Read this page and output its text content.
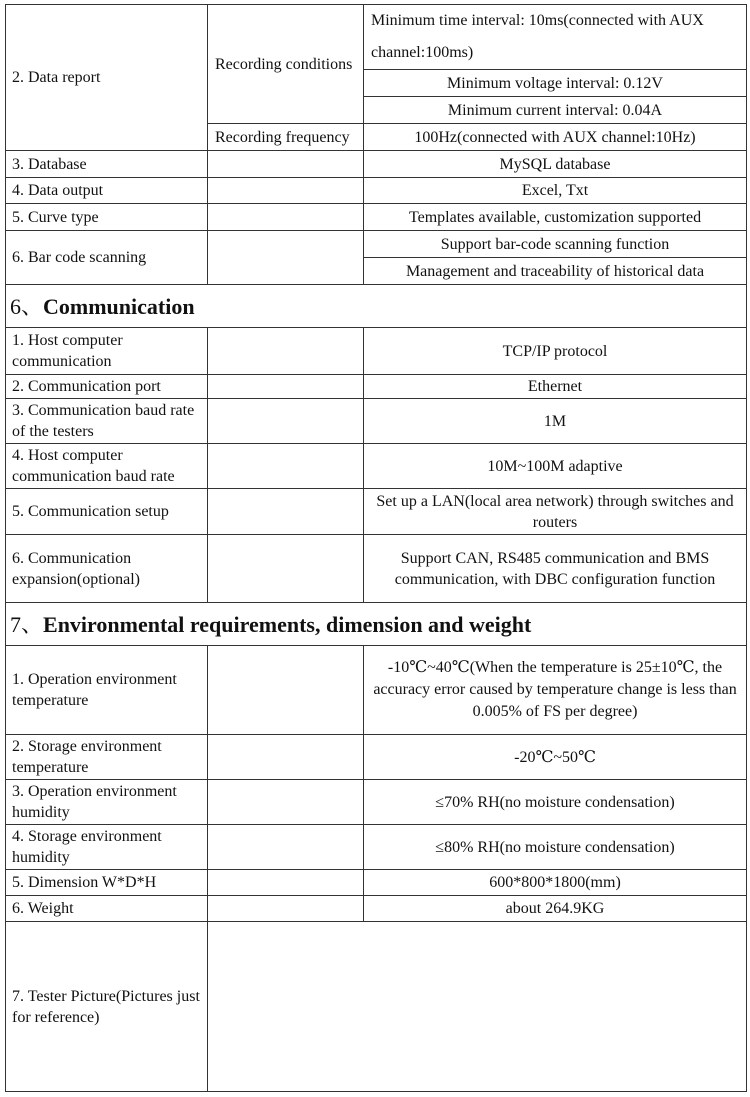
2. Data report	Recording conditions	Minimum time interval: 10ms(connected with AUX channel:100ms)
		Minimum voltage interval: 0.12V
		Minimum current interval: 0.04A
	Recording frequency	100Hz(connected with AUX channel:10Hz)
3. Database		MySQL database
4. Data output		Excel, Txt
5. Curve type		Templates available, customization supported
6. Bar code scanning		Support bar-code scanning function
		Management and traceability of historical data
6、Communication		
1. Host computer communication		TCP/IP protocol
2. Communication port		Ethernet
3. Communication baud rate of the testers		1M
4. Host computer communication baud rate		10M~100M adaptive
5. Communication setup		Set up a LAN(local area network) through switches and routers
6. Communication expansion(optional)		Support CAN, RS485 communication and BMS communication, with DBC configuration function
7、Environmental requirements, dimension and weight		
1. Operation environment temperature		-10℃~40℃(When the temperature is 25±10℃, the accuracy error caused by temperature change is less than 0.005% of FS per degree)
2. Storage environment temperature		-20℃~50℃
3. Operation environment humidity		≤70% RH(no moisture condensation)
4. Storage environment humidity		≤80% RH(no moisture condensation)
5. Dimension W*D*H		600*800*1800(mm)
6. Weight		about 264.9KG
7. Tester Picture(Pictures just for reference)		
